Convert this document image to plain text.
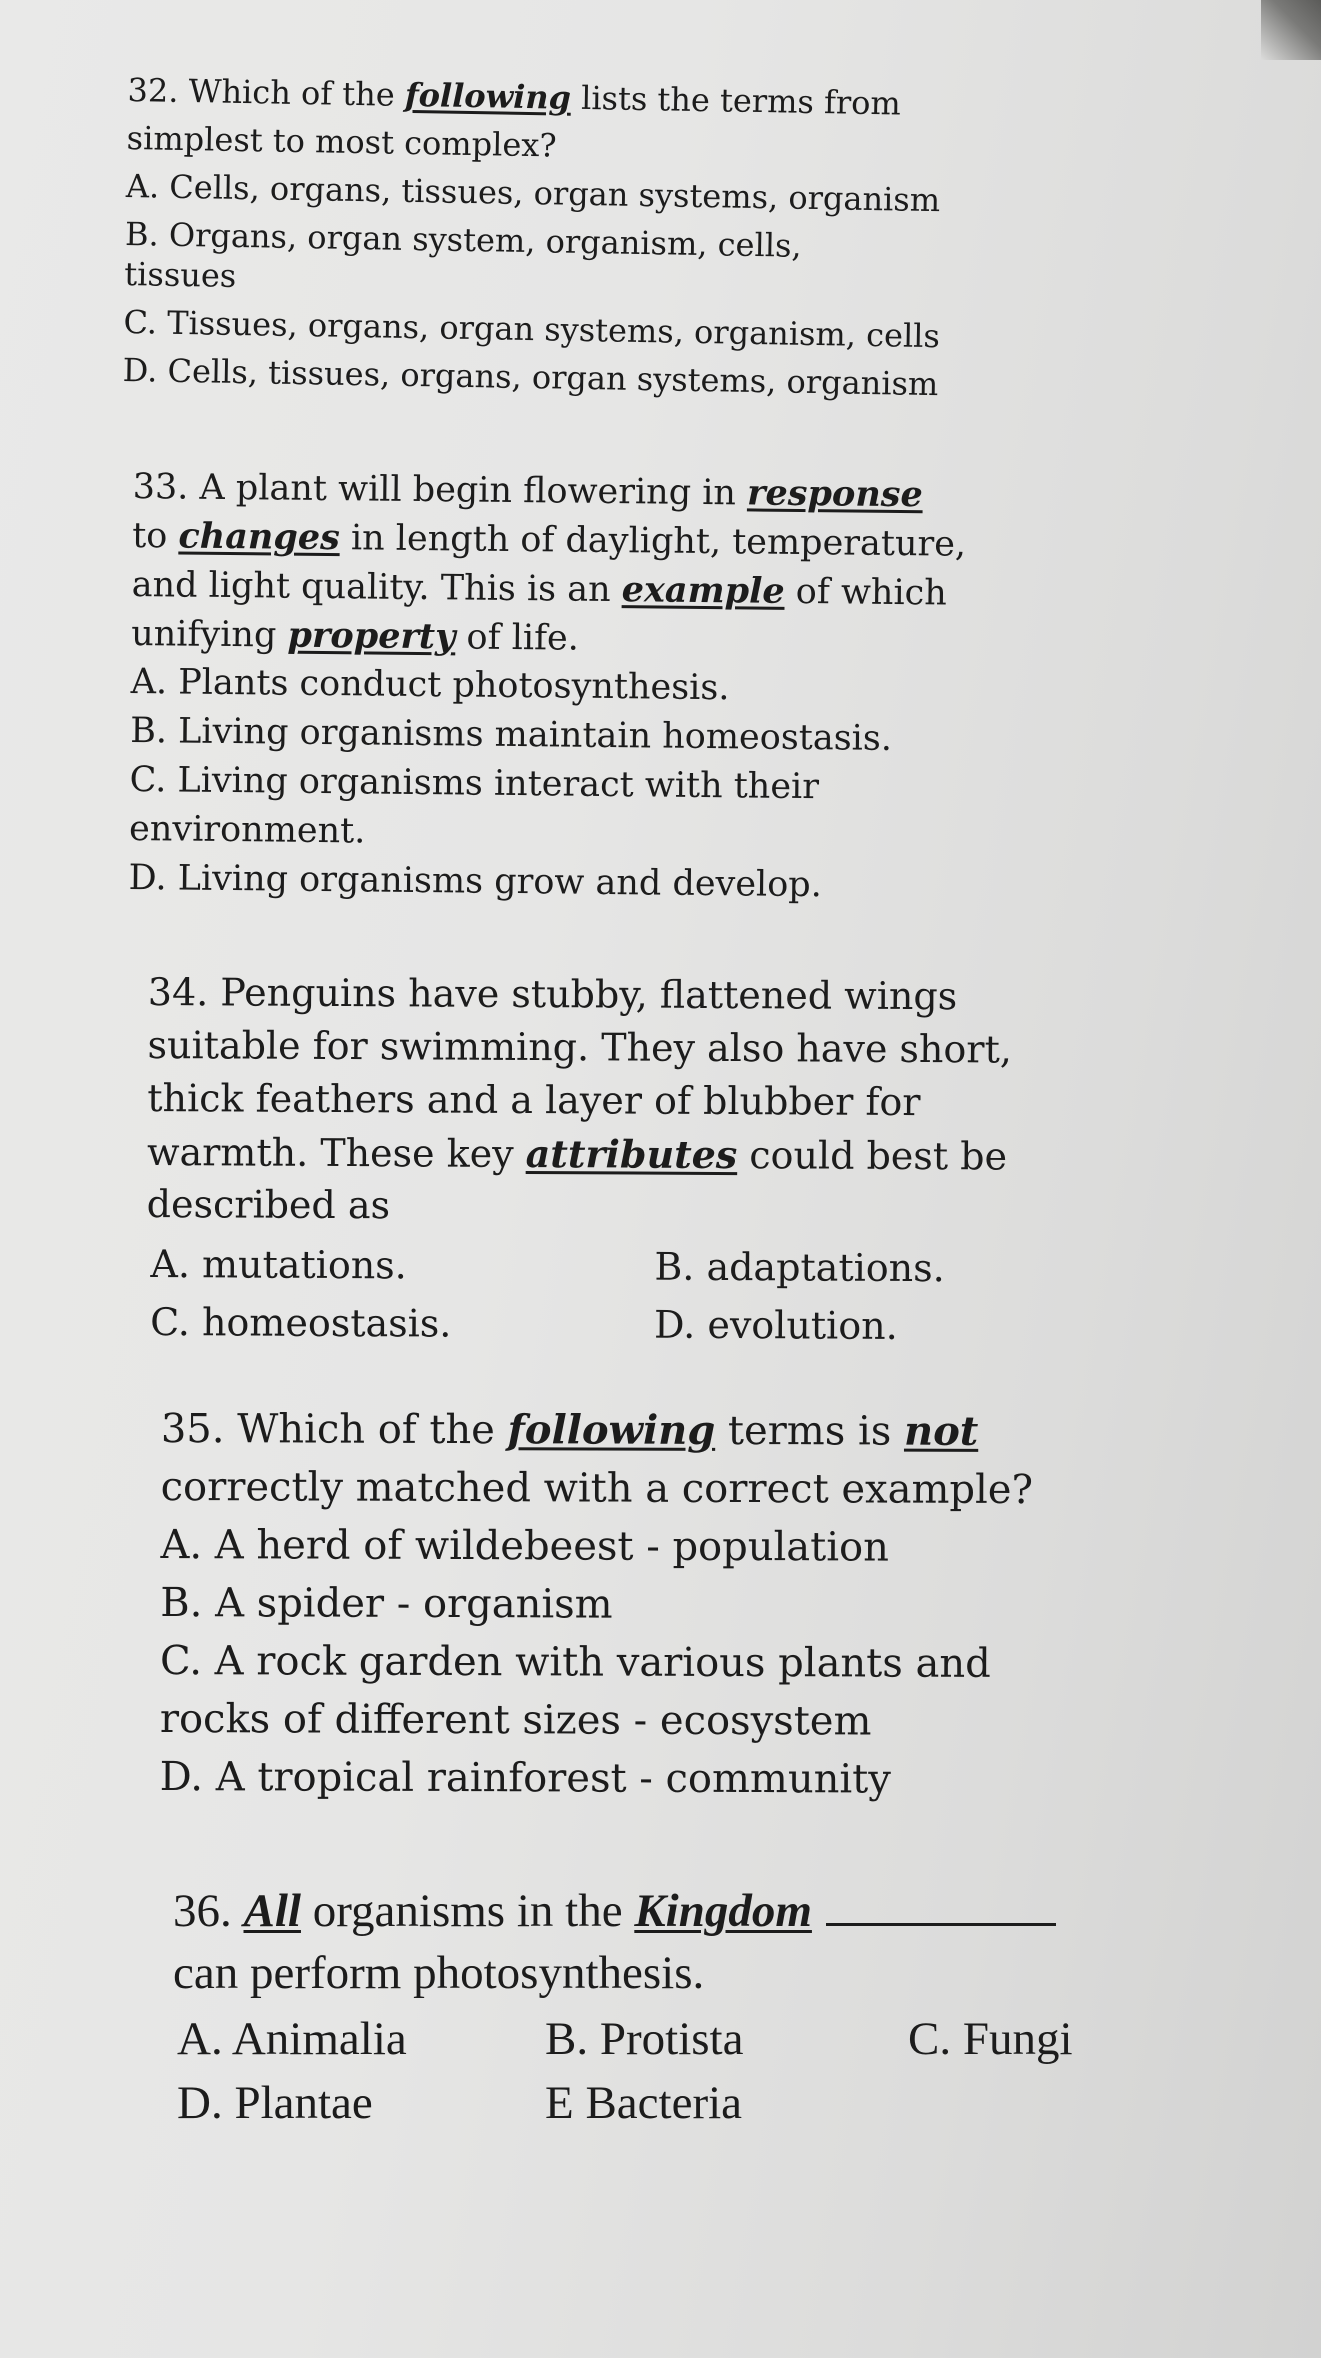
32. Which of the following lists the terms from
simplest to most complex?
A. Cells, organs, tissues, organ systems, organism
B. Organs, organ system, organism, cells,
tissues
C. Tissues, organs, organ systems, organism, cells
D. Cells, tissues, organs, organ systems, organism
33. A plant will begin flowering in response
to changes in length of daylight, temperature,
and light quality. This is an example of which
unifying property of life.
A. Plants conduct photosynthesis.
B. Living organisms maintain homeostasis.
C. Living organisms interact with their
environment.
D. Living organisms grow and develop.
34. Penguins have stubby, flattened wings
suitable for swimming. They also have short,
thick feathers and a layer of blubber for
warmth. These key attributes could best be
described as
A. mutations.	B. adaptations.
C. homeostasis.	D. evolution.
35. Which of the following terms is not
correctly matched with a correct example?
A. A herd of wildebeest - population
B. A spider - organism
C. A rock garden with various plants and
rocks of different sizes - ecosystem
D. A tropical rainforest - community
36. All organisms in the Kingdom
can perform photosynthesis.
A. Animalia	B. Protista	C. Fungi
D. Plantae	E Bacteria
